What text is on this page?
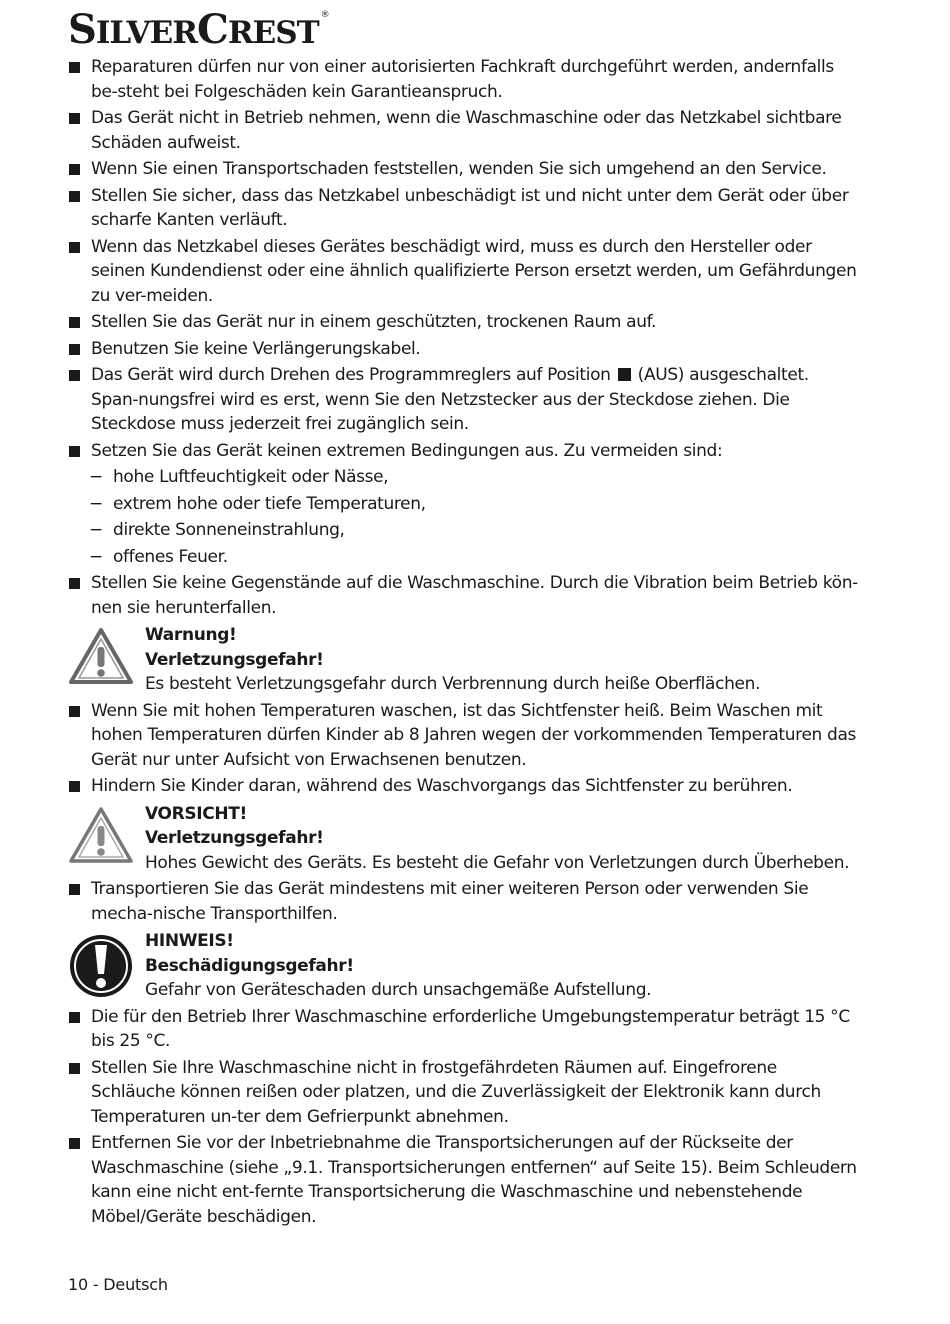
SILVERCREST ®
Reparaturen dürfen nur von einer autorisierten Fachkraft durchgeführt werden, andernfalls be-steht bei Folgeschäden kein Garantieanspruch.
Das Gerät nicht in Betrieb nehmen, wenn die Waschmaschine oder das Netzkabel sichtbare Schäden aufweist.
Wenn Sie einen Transportschaden feststellen, wenden Sie sich umgehend an den Service.
Stellen Sie sicher, dass das Netzkabel unbeschädigt ist und nicht unter dem Gerät oder über scharfe Kanten verläuft.
Wenn das Netzkabel dieses Gerätes beschädigt wird, muss es durch den Hersteller oder seinen Kundendienst oder eine ähnlich qualifizierte Person ersetzt werden, um Gefährdungen zu ver-meiden.
Stellen Sie das Gerät nur in einem geschützten, trockenen Raum auf.
Benutzen Sie keine Verlängerungskabel.
Das Gerät wird durch Drehen des Programmreglers auf Position (AUS) ausgeschaltet. Span-nungsfrei wird es erst, wenn Sie den Netzstecker aus der Steckdose ziehen. Die Steckdose muss jederzeit frei zugänglich sein.
Setzen Sie das Gerät keinen extremen Bedingungen aus. Zu vermeiden sind:
− hohe Luftfeuchtigkeit oder Nässe,
− extrem hohe oder tiefe Temperaturen,
− direkte Sonneneinstrahlung,
− offenes Feuer.
Stellen Sie keine Gegenstände auf die Waschmaschine. Durch die Vibration beim Betrieb kön-nen sie herunterfallen.
Warnung!
Verletzungsgefahr!
Es besteht Verletzungsgefahr durch Verbrennung durch heiße Oberflächen.
Wenn Sie mit hohen Temperaturen waschen, ist das Sichtfenster heiß. Beim Waschen mit hohen Temperaturen dürfen Kinder ab 8 Jahren wegen der vorkommenden Temperaturen das Gerät nur unter Aufsicht von Erwachsenen benutzen.
Hindern Sie Kinder daran, während des Waschvorgangs das Sichtfenster zu berühren.
VORSICHT!
Verletzungsgefahr!
Hohes Gewicht des Geräts. Es besteht die Gefahr von Verletzungen durch Überheben.
Transportieren Sie das Gerät mindestens mit einer weiteren Person oder verwenden Sie mecha-nische Transporthilfen.
HINWEIS!
Beschädigungsgefahr!
Gefahr von Geräteschaden durch unsachgemäße Aufstellung.
Die für den Betrieb Ihrer Waschmaschine erforderliche Umgebungstemperatur beträgt 15 °C bis 25 °C.
Stellen Sie Ihre Waschmaschine nicht in frostgefährdeten Räumen auf. Eingefrorene Schläuche können reißen oder platzen, und die Zuverlässigkeit der Elektronik kann durch Temperaturen un-ter dem Gefrierpunkt abnehmen.
Entfernen Sie vor der Inbetriebnahme die Transportsicherungen auf der Rückseite der Waschmaschine (siehe „9.1. Transportsicherungen entfernen“ auf Seite 15). Beim Schleudern kann eine nicht ent-fernte Transportsicherung die Waschmaschine und nebenstehende Möbel/Geräte beschädigen.
10 - Deutsch
